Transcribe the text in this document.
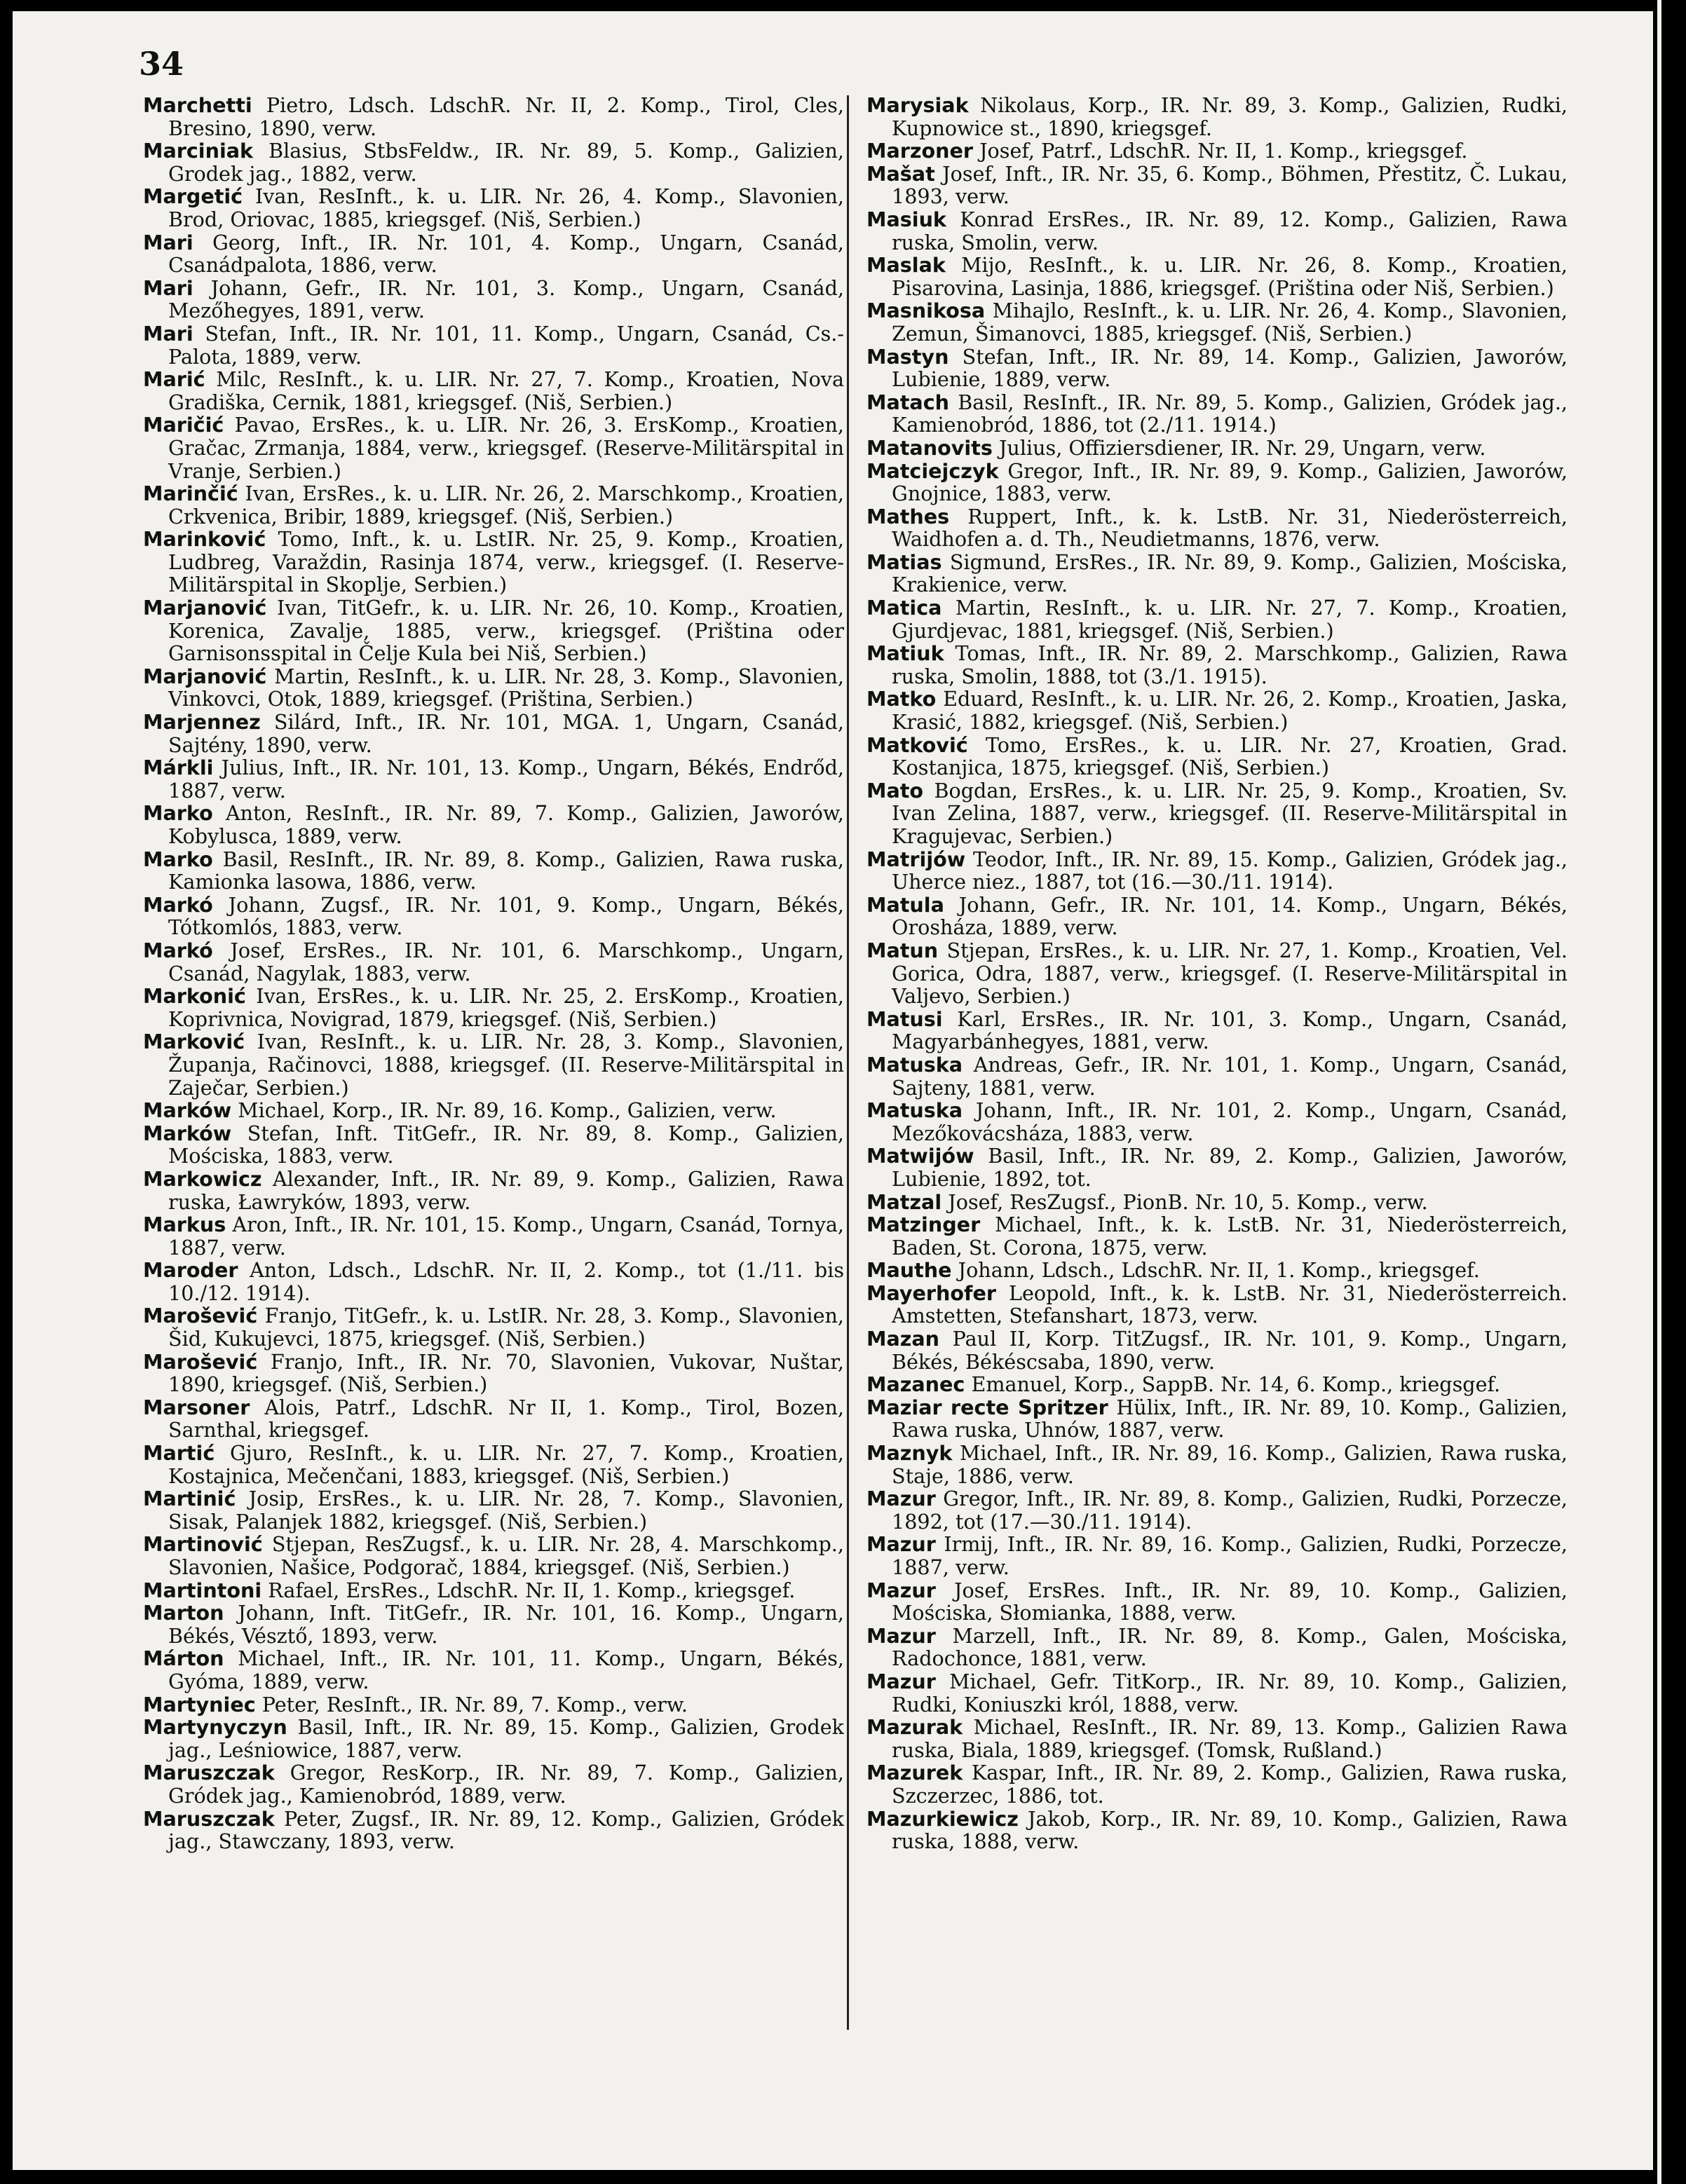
34

Marchetti Pietro, Ldsch. LdschR. Nr. II, 2. Komp., Tirol, Cles, Bresino, 1890, verw.

Marciniak Blasius, StbsFeldw., IR. Nr. 89, 5. Komp., Galizien, Grodek jag., 1882, verw.

Margetić Ivan, ResInft., k. u. LIR. Nr. 26, 4. Komp., Slavonien, Brod, Oriovac, 1885, kriegsgef. (Niš, Serbien.)

Mari Georg, Inft., IR. Nr. 101, 4. Komp., Ungarn, Csanád, Csanádpalota, 1886, verw.

Mari Johann, Gefr., IR. Nr. 101, 3. Komp., Ungarn, Csanád, Mezőhegyes, 1891, verw.

Mari Stefan, Inft., IR. Nr. 101, 11. Komp., Ungarn, Csanád, Cs.-Palota, 1889, verw.

Marić Milc, ResInft., k. u. LIR. Nr. 27, 7. Komp., Kroatien, Nova Gradiška, Cernik, 1881, kriegsgef. (Niš, Serbien.)

Maričić Pavao, ErsRes., k. u. LIR. Nr. 26, 3. ErsKomp., Kroatien, Gračac, Zrmanja, 1884, verw., kriegsgef. (Reserve-Militärspital in Vranje, Serbien.)

Marinčić Ivan, ErsRes., k. u. LIR. Nr. 26, 2. Marschkomp., Kroatien, Crkvenica, Bribir, 1889, kriegsgef. (Niš, Serbien.)

Marinković Tomo, Inft., k. u. LstIR. Nr. 25, 9. Komp., Kroatien, Ludbreg, Varaždin, Rasinja 1874, verw., kriegsgef. (I. Reserve-Militärspital in Skoplje, Serbien.)

Marjanović Ivan, TitGefr., k. u. LIR. Nr. 26, 10. Komp., Kroatien, Korenica, Zavalje, 1885, verw., kriegsgef. (Priština oder Garnisonsspital in Čelje Kula bei Niš, Serbien.)

Marjanović Martin, ResInft., k. u. LIR. Nr. 28, 3. Komp., Slavonien, Vinkovci, Otok, 1889, kriegsgef. (Priština, Serbien.)

Marjennez Silárd, Inft., IR. Nr. 101, MGA. 1, Ungarn, Csanád, Sajtény, 1890, verw.

Márkli Julius, Inft., IR. Nr. 101, 13. Komp., Ungarn, Békés, Endrőd, 1887, verw.

Marko Anton, ResInft., IR. Nr. 89, 7. Komp., Galizien, Jaworów, Kobylusca, 1889, verw.

Marko Basil, ResInft., IR. Nr. 89, 8. Komp., Galizien, Rawa ruska, Kamionka lasowa, 1886, verw.

Markó Johann, Zugsf., IR. Nr. 101, 9. Komp., Ungarn, Békés, Tótkomlós, 1883, verw.

Markó Josef, ErsRes., IR. Nr. 101, 6. Marschkomp., Ungarn, Csanád, Nagylak, 1883, verw.

Markonić Ivan, ErsRes., k. u. LIR. Nr. 25, 2. ErsKomp., Kroatien, Koprivnica, Novigrad, 1879, kriegsgef. (Niš, Serbien.)

Marković Ivan, ResInft., k. u. LIR. Nr. 28, 3. Komp., Slavonien, Županja, Račinovci, 1888, kriegsgef. (II. Reserve-Militärspital in Zaječar, Serbien.)

Marków Michael, Korp., IR. Nr. 89, 16. Komp., Galizien, verw.

Marków Stefan, Inft. TitGefr., IR. Nr. 89, 8. Komp., Galizien, Mościska, 1883, verw.

Markowicz Alexander, Inft., IR. Nr. 89, 9. Komp., Galizien, Rawa ruska, Ławryków, 1893, verw.

Markus Aron, Inft., IR. Nr. 101, 15. Komp., Ungarn, Csanád, Tornya, 1887, verw.

Maroder Anton, Ldsch., LdschR. Nr. II, 2. Komp., tot (1./11. bis 10./12. 1914).

Marošević Franjo, TitGefr., k. u. LstIR. Nr. 28, 3. Komp., Slavonien, Šid, Kukujevci, 1875, kriegsgef. (Niš, Serbien.)

Marošević Franjo, Inft., IR. Nr. 70, Slavonien, Vukovar, Nuštar, 1890, kriegsgef. (Niš, Serbien.)

Marsoner Alois, Patrf., LdschR. Nr II, 1. Komp., Tirol, Bozen, Sarnthal, kriegsgef.

Martić Gjuro, ResInft., k. u. LIR. Nr. 27, 7. Komp., Kroatien, Kostajnica, Mečenčani, 1883, kriegsgef. (Niš, Serbien.)

Martinić Josip, ErsRes., k. u. LIR. Nr. 28, 7. Komp., Slavonien, Sisak, Palanjek 1882, kriegsgef. (Niš, Serbien.)

Martinović Stjepan, ResZugsf., k. u. LIR. Nr. 28, 4. Marschkomp., Slavonien, Našice, Podgorač, 1884, kriegsgef. (Niš, Serbien.)

Martintoni Rafael, ErsRes., LdschR. Nr. II, 1. Komp., kriegsgef.

Marton Johann, Inft. TitGefr., IR. Nr. 101, 16. Komp., Ungarn, Békés, Vésztő, 1893, verw.

Márton Michael, Inft., IR. Nr. 101, 11. Komp., Ungarn, Békés, Gyóma, 1889, verw.

Martyniec Peter, ResInft., IR. Nr. 89, 7. Komp., verw.

Martynyczyn Basil, Inft., IR. Nr. 89, 15. Komp., Galizien, Grodek jag., Leśniowice, 1887, verw.

Maruszczak Gregor, ResKorp., IR. Nr. 89, 7. Komp., Galizien, Gródek jag., Kamienobród, 1889, verw.

Maruszczak Peter, Zugsf., IR. Nr. 89, 12. Komp., Galizien, Gródek jag., Stawczany, 1893, verw.

Marysiak Nikolaus, Korp., IR. Nr. 89, 3. Komp., Galizien, Rudki, Kupnowice st., 1890, kriegsgef.

Marzoner Josef, Patrf., LdschR. Nr. II, 1. Komp., kriegsgef.

Mašat Josef, Inft., IR. Nr. 35, 6. Komp., Böhmen, Přestitz, Č. Lukau, 1893, verw.

Masiuk Konrad ErsRes., IR. Nr. 89, 12. Komp., Galizien, Rawa ruska, Smolin, verw.

Maslak Mijo, ResInft., k. u. LIR. Nr. 26, 8. Komp., Kroatien, Pisarovina, Lasinja, 1886, kriegsgef. (Priština oder Niš, Serbien.)

Masnikosa Mihajlo, ResInft., k. u. LIR. Nr. 26, 4. Komp., Slavonien, Zemun, Šimanovci, 1885, kriegsgef. (Niš, Serbien.)

Mastyn Stefan, Inft., IR. Nr. 89, 14. Komp., Galizien, Jaworów, Lubienie, 1889, verw.

Matach Basil, ResInft., IR. Nr. 89, 5. Komp., Galizien, Gródek jag., Kamienobród, 1886, tot (2./11. 1914.)

Matanovits Julius, Offiziersdiener, IR. Nr. 29, Ungarn, verw.

Matciejczyk Gregor, Inft., IR. Nr. 89, 9. Komp., Galizien, Jaworów, Gnojnice, 1883, verw.

Mathes Ruppert, Inft., k. k. LstB. Nr. 31, Niederösterreich, Waidhofen a. d. Th., Neudietmanns, 1876, verw.

Matias Sigmund, ErsRes., IR. Nr. 89, 9. Komp., Galizien, Mościska, Krakienice, verw.

Matica Martin, ResInft., k. u. LIR. Nr. 27, 7. Komp., Kroatien, Gjurdjevac, 1881, kriegsgef. (Niš, Serbien.)

Matiuk Tomas, Inft., IR. Nr. 89, 2. Marschkomp., Galizien, Rawa ruska, Smolin, 1888, tot (3./1. 1915).

Matko Eduard, ResInft., k. u. LIR. Nr. 26, 2. Komp., Kroatien, Jaska, Krasić, 1882, kriegsgef. (Niš, Serbien.)

Matković Tomo, ErsRes., k. u. LIR. Nr. 27, Kroatien, Grad. Kostanjica, 1875, kriegsgef. (Niš, Serbien.)

Mato Bogdan, ErsRes., k. u. LIR. Nr. 25, 9. Komp., Kroatien, Sv. Ivan Zelina, 1887, verw., kriegsgef. (II. Reserve-Militärspital in Kragujevac, Serbien.)

Matrijów Teodor, Inft., IR. Nr. 89, 15. Komp., Galizien, Gródek jag., Uherce niez., 1887, tot (16.—30./11. 1914).

Matula Johann, Gefr., IR. Nr. 101, 14. Komp., Ungarn, Békés, Orosháza, 1889, verw.

Matun Stjepan, ErsRes., k. u. LIR. Nr. 27, 1. Komp., Kroatien, Vel. Gorica, Odra, 1887, verw., kriegsgef. (I. Reserve-Militärspital in Valjevo, Serbien.)

Matusi Karl, ErsRes., IR. Nr. 101, 3. Komp., Ungarn, Csanád, Magyarbánhegyes, 1881, verw.

Matuska Andreas, Gefr., IR. Nr. 101, 1. Komp., Ungarn, Csanád, Sajteny, 1881, verw.

Matuska Johann, Inft., IR. Nr. 101, 2. Komp., Ungarn, Csanád, Mezőkovácsháza, 1883, verw.

Matwijów Basil, Inft., IR. Nr. 89, 2. Komp., Galizien, Jaworów, Lubienie, 1892, tot.

Matzal Josef, ResZugsf., PionB. Nr. 10, 5. Komp., verw.

Matzinger Michael, Inft., k. k. LstB. Nr. 31, Niederösterreich, Baden, St. Corona, 1875, verw.

Mauthe Johann, Ldsch., LdschR. Nr. II, 1. Komp., kriegsgef.

Mayerhofer Leopold, Inft., k. k. LstB. Nr. 31, Niederösterreich. Amstetten, Stefanshart, 1873, verw.

Mazan Paul II, Korp. TitZugsf., IR. Nr. 101, 9. Komp., Ungarn, Békés, Békéscsaba, 1890, verw.

Mazanec Emanuel, Korp., SappB. Nr. 14, 6. Komp., kriegsgef.

Maziar recte Spritzer Hülix, Inft., IR. Nr. 89, 10. Komp., Galizien, Rawa ruska, Uhnów, 1887, verw.

Maznyk Michael, Inft., IR. Nr. 89, 16. Komp., Galizien, Rawa ruska, Staje, 1886, verw.

Mazur Gregor, Inft., IR. Nr. 89, 8. Komp., Galizien, Rudki, Porzecze, 1892, tot (17.—30./11. 1914).

Mazur Irmij, Inft., IR. Nr. 89, 16. Komp., Galizien, Rudki, Porzecze, 1887, verw.

Mazur Josef, ErsRes. Inft., IR. Nr. 89, 10. Komp., Galizien, Mościska, Słomianka, 1888, verw.

Mazur Marzell, Inft., IR. Nr. 89, 8. Komp., Galen, Mościska, Radochonce, 1881, verw.

Mazur Michael, Gefr. TitKorp., IR. Nr. 89, 10. Komp., Galizien, Rudki, Koniuszki król, 1888, verw.

Mazurak Michael, ResInft., IR. Nr. 89, 13. Komp., Galizien Rawa ruska, Biala, 1889, kriegsgef. (Tomsk, Rußland.)

Mazurek Kaspar, Inft., IR. Nr. 89, 2. Komp., Galizien, Rawa ruska, Szczerzec, 1886, tot.

Mazurkiewicz Jakob, Korp., IR. Nr. 89, 10. Komp., Galizien, Rawa ruska, 1888, verw.
